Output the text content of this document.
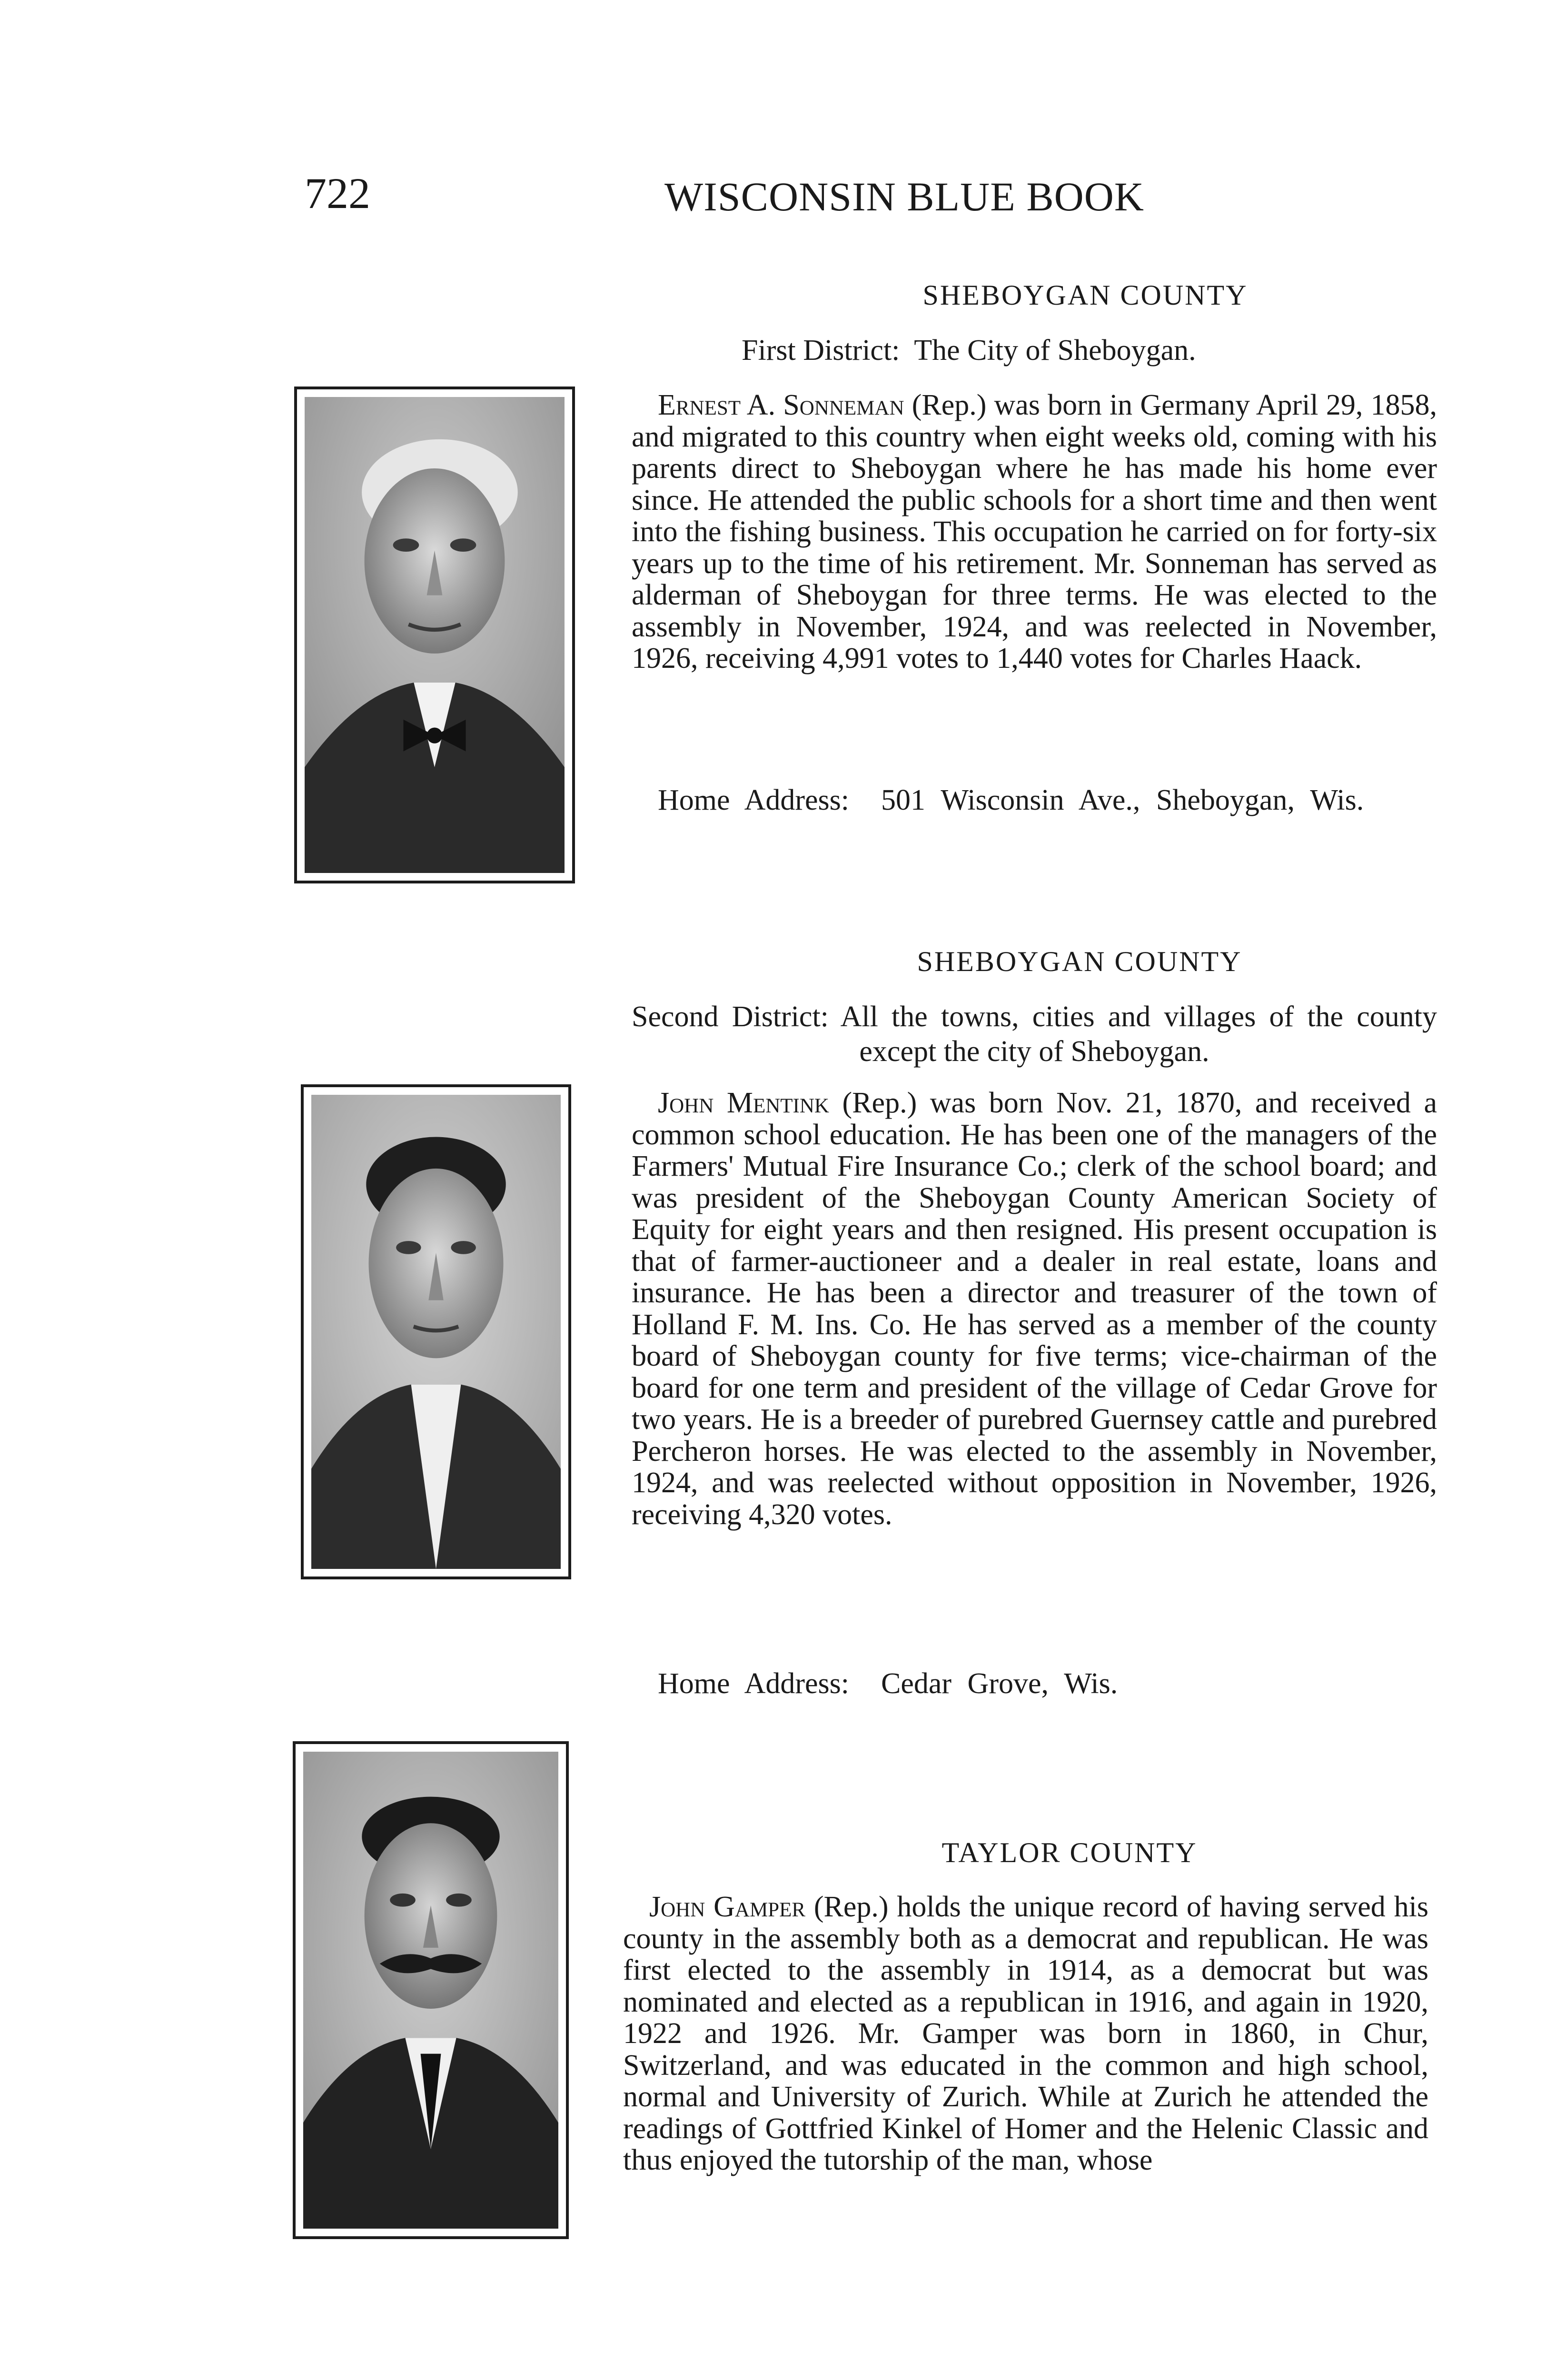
722	WISCONSIN BLUE BOOK
SHEBOYGAN COUNTY
First District:  The City of Sheboygan.

Ernest A. Sonneman (Rep.) was born in Germany April 29, 1858, and migrated to this country when eight weeks old, coming with his parents direct to Sheboygan where he has made his home ever since. He attended the public schools for a short time and then went into the fishing business. This occupation he carried on for forty-six years up to the time of his retirement. Mr. Sonneman has served as alderman of Sheboygan for three terms. He was elected to the assembly in November, 1924, and was reelected in November, 1926, receiving 4,991 votes to 1,440 votes for Charles Haack.

Home Address:  501 Wisconsin Ave., Sheboygan, Wis.
SHEBOYGAN COUNTY
Second District: All the towns, cities and villages of the county except the city of Sheboygan.

John Mentink (Rep.) was born Nov. 21, 1870, and received a common school education. He has been one of the managers of the Farmers' Mutual Fire Insurance Co.; clerk of the school board; and was president of the Sheboygan County American Society of Equity for eight years and then resigned. His present occupation is that of farmer-auctioneer and a dealer in real estate, loans and insurance. He has been a director and treasurer of the town of Holland F. M. Ins. Co. He has served as a member of the county board of Sheboygan county for five terms; vice-chairman of the board for one term and president of the village of Cedar Grove for two years. He is a breeder of purebred Guernsey cattle and purebred Percheron horses. He was elected to the assembly in November, 1924, and was reelected without opposition in November, 1926, receiving 4,320 votes.

Home Address:  Cedar Grove, Wis.
TAYLOR COUNTY

John Gamper (Rep.) holds the unique record of having served his county in the assembly both as a democrat and republican. He was first elected to the assembly in 1914, as a democrat but was nominated and elected as a republican in 1916, and again in 1920, 1922 and 1926. Mr. Gamper was born in 1860, in Chur, Switzerland, and was educated in the common and high school, normal and University of Zurich. While at Zurich he attended the readings of Gottfried Kinkel of Homer and the Helenic Classic and thus enjoyed the tutorship of the man, whose
